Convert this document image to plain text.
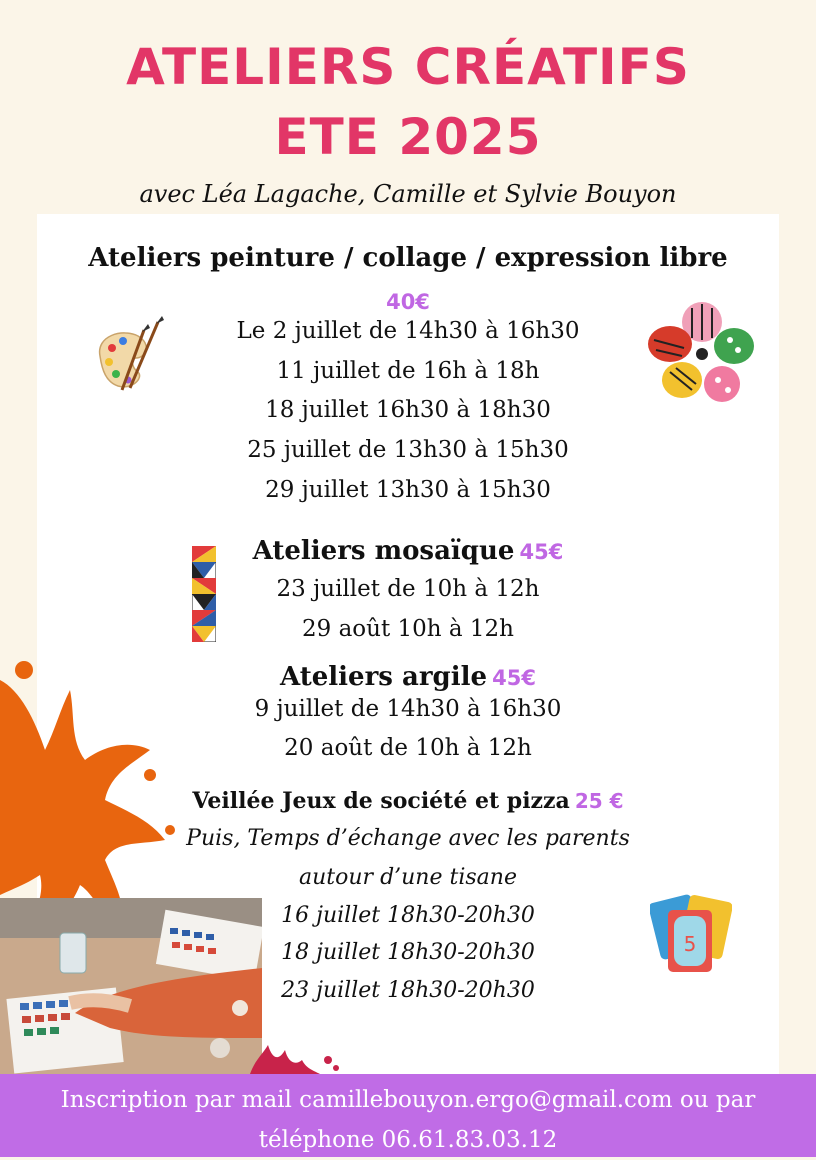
ATELIERS CRÉATIFS
ETE 2025
avec Léa Lagache, Camille et Sylvie Bouyon
Ateliers peinture / collage / expression libre
40€
Le 2 juillet de 14h30 à 16h30
11 juillet de 16h à 18h
18 juillet 16h30 à 18h30
25 juillet de 13h30 à 15h30
29 juillet 13h30 à 15h30
Ateliers mosaïque 45€
23 juillet de 10h à 12h
29 août 10h à 12h
Ateliers argile 45€
9 juillet de 14h30 à 16h30
20 août de 10h à 12h
Veillée Jeux de société et pizza 25 €
Puis, Temps d’échange avec les parents
autour d’une tisane
16 juillet 18h30-20h30
18 juillet 18h30-20h30
23 juillet 18h30-20h30
5
Inscription par mail camillebouyon.ergo@gmail.com ou par
téléphone 06.61.83.03.12
